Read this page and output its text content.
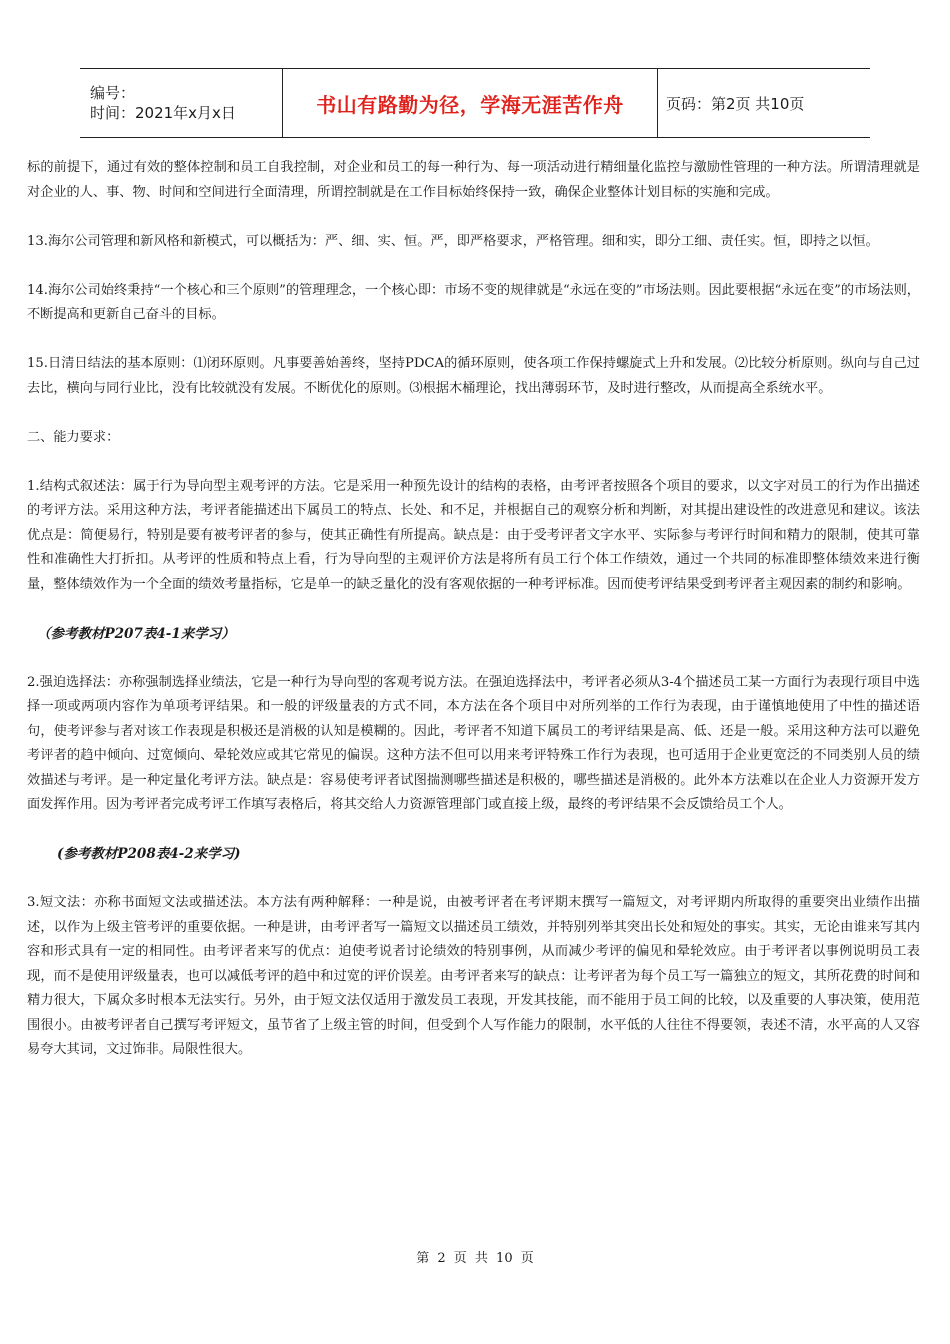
编号：
时间：2021年x月x日	书山有路勤为径，学海无涯苦作舟	页码：第2页 共10页

标的前提下，通过有效的整体控制和员工自我控制，对企业和员工的每一种行为、每一项活动进行精细量化监控与激励性管理的一种方法。所谓清理就是对企业的人、事、物、时间和空间进行全面清理，所谓控制就是在工作目标始终保持一致，确保企业整体计划目标的实施和完成。

13.海尔公司管理和新风格和新模式，可以概括为：严、细、实、恒。严，即严格要求，严格管理。细和实，即分工细、责任实。恒，即持之以恒。

14.海尔公司始终秉持“一个核心和三个原则”的管理理念，一个核心即：市场不变的规律就是“永远在变的”市场法则。因此要根据“永远在变”的市场法则，不断提高和更新自己奋斗的目标。

15.日清日结法的基本原则：⑴闭环原则。凡事要善始善终，坚持PDCA的循环原则，使各项工作保持螺旋式上升和发展。⑵比较分析原则。纵向与自己过去比，横向与同行业比，没有比较就没有发展。不断优化的原则。⑶根据木桶理论，找出薄弱环节，及时进行整改，从而提高全系统水平。

二、能力要求：

1.结构式叙述法：属于行为导向型主观考评的方法。它是采用一种预先设计的结构的表格，由考评者按照各个项目的要求，以文字对员工的行为作出描述的考评方法。采用这种方法，考评者能描述出下属员工的特点、长处、和不足，并根据自己的观察分析和判断，对其提出建设性的改进意见和建议。该法优点是：简便易行，特别是要有被考评者的参与，使其正确性有所提高。缺点是：由于受考评者文字水平、实际参与考评行时间和精力的限制，使其可靠性和准确性大打折扣。从考评的性质和特点上看，行为导向型的主观评价方法是将所有员工行个体工作绩效，通过一个共同的标准即整体绩效来进行衡量，整体绩效作为一个全面的绩效考量指标，它是单一的缺乏量化的没有客观依据的一种考评标准。因而使考评结果受到考评者主观因素的制约和影响。

（参考教材P207表4-1来学习）

2.强迫选择法：亦称强制选择业绩法，它是一种行为导向型的客观考说方法。在强迫选择法中，考评者必须从3-4个描述员工某一方面行为表现行项目中选择一项或两项内容作为单项考评结果。和一般的评级量表的方式不同，本方法在各个项目中对所列举的工作行为表现，由于谨慎地使用了中性的描述语句，使考评参与者对该工作表现是积极还是消极的认知是模糊的。因此，考评者不知道下属员工的考评结果是高、低、还是一般。采用这种方法可以避免考评者的趋中倾向、过宽倾向、晕轮效应或其它常见的偏误。这种方法不但可以用来考评特殊工作行为表现，也可适用于企业更宽泛的不同类别人员的绩效描述与考评。是一种定量化考评方法。缺点是：容易使考评者试图揣测哪些描述是积极的，哪些描述是消极的。此外本方法难以在企业人力资源开发方面发挥作用。因为考评者完成考评工作填写表格后，将其交给人力资源管理部门或直接上级，最终的考评结果不会反馈给员工个人。

(参考教材P208表4-2来学习)

3.短文法：亦称书面短文法或描述法。本方法有两种解释：一种是说，由被考评者在考评期末撰写一篇短文，对考评期内所取得的重要突出业绩作出描述，以作为上级主管考评的重要依据。一种是讲，由考评者写一篇短文以描述员工绩效，并特别列举其突出长处和短处的事实。其实，无论由谁来写其内容和形式具有一定的相同性。由考评者来写的优点：迫使考说者讨论绩效的特别事例，从而减少考评的偏见和晕轮效应。由于考评者以事例说明员工表现，而不是使用评级量表，也可以减低考评的趋中和过宽的评价误差。由考评者来写的缺点：让考评者为每个员工写一篇独立的短文，其所花费的时间和精力很大，下属众多时根本无法实行。另外，由于短文法仅适用于激发员工表现，开发其技能，而不能用于员工间的比较，以及重要的人事决策，使用范围很小。由被考评者自己撰写考评短文，虽节省了上级主管的时间，但受到个人写作能力的限制，水平低的人往往不得要领，表述不清，水平高的人又容易夸大其词，文过饰非。局限性很大。

第 2 页 共 10 页
